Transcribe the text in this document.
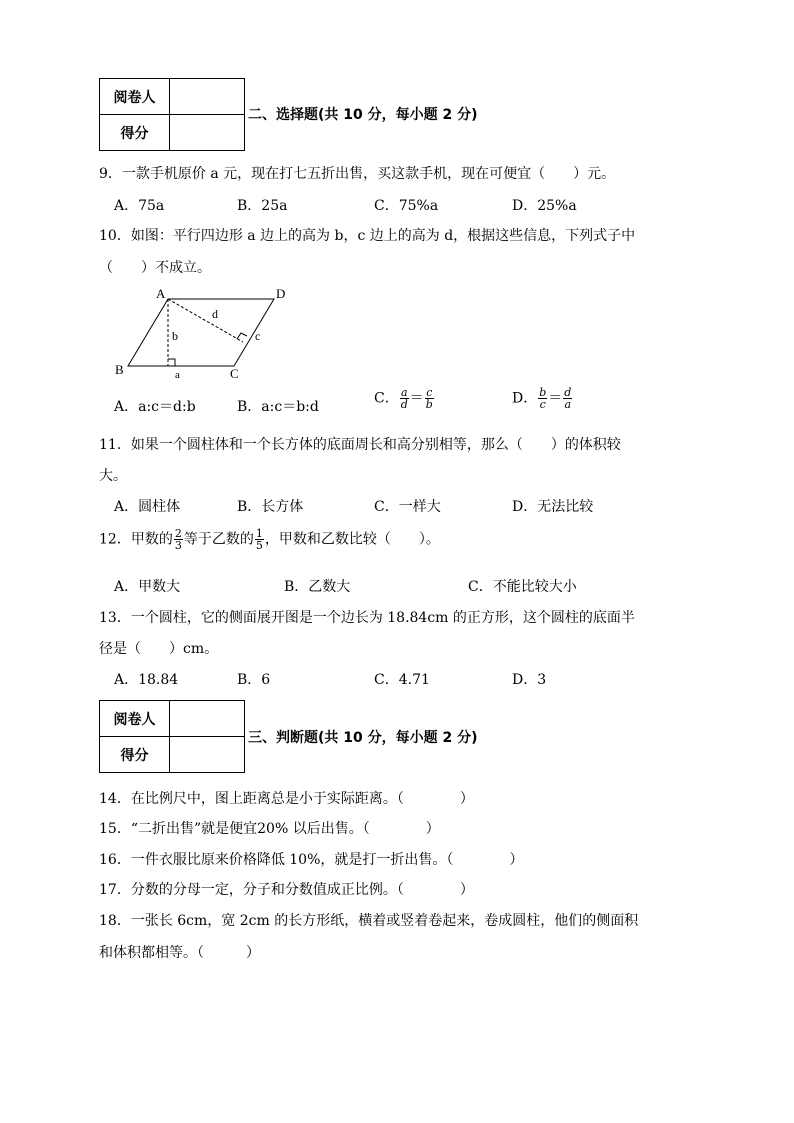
阅卷人	
得分	
二、选择题(共 10 分，每小题 2 分)
9．一款手机原价 a 元，现在打七五折出售，买这款手机，现在可便宜（　　）元。
A．75a	B．25a	C．75%a	D．25%a
10．如图：平行四边形 a 边上的高为 b，c 边上的高为 d，根据这些信息，下列式子中
（　　）不成立。
A	D
B	C
a
b	c
d
A．a:c＝d:b	B．a:c＝b:d
C． $\frac{a}{d} = \frac{c}{b}$	D． $\frac{b}{c} = \frac{d}{a}$
11．如果一个圆柱体和一个长方体的底面周长和高分别相等，那么（　　）的体积较
大。
A．圆柱体	B．长方体	C．一样大	D．无法比较
12．甲数的 $\frac{2}{3}$ 等于乙数的 $\frac{1}{5}$ ，甲数和乙数比较（　　）。
A．甲数大	B．乙数大	C．不能比较大小
13．一个圆柱，它的侧面展开图是一个边长为 18.84cm 的正方形，这个圆柱的底面半
径是（　　）cm。
A．18.84	B．6	C．4.71	D．3
阅卷人	
得分	
三、判断题(共 10 分，每小题 2 分)
14．在比例尺中，图上距离总是小于实际距离。（　　　　）
15．“二折出售”就是便宜20% 以后出售。（　　　　）
16．一件衣服比原来价格降低 10%，就是打一折出售。（　　　　）
17．分数的分母一定，分子和分数值成正比例。（　　　　）
18．一张长 6cm，宽 2cm 的长方形纸，横着或竖着卷起来，卷成圆柱，他们的侧面积
和体积都相等。（　　　）
